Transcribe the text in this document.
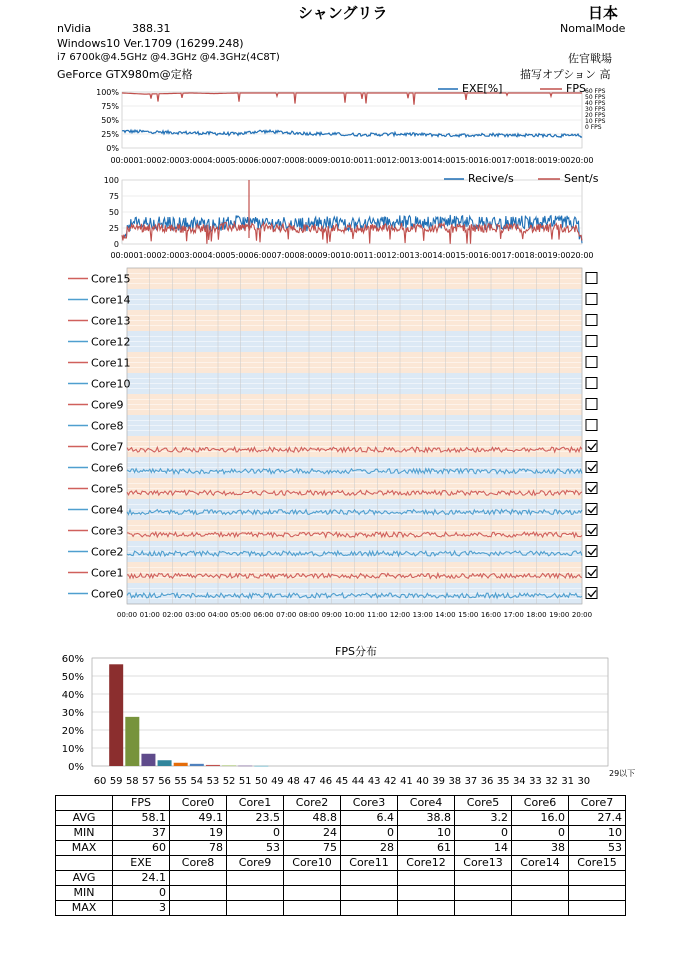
シャングリラ	日本
nVidia	388.31	NomalMode
Windows10 Ver.1709 (16299.248)
i7 6700k@4.5GHz @4.3GHz @4.3GHz(4C8T)	佐官戦場
GeForce GTX980m@定格	描写オプション 高
100%
75%
50%
25%
0%
60 FPS
50 FPS
40 FPS
30 FPS
20 FPS
10 FPS
0 FPS
00:00 01:00 02:00 03:00 04:00 05:00 06:00 07:00 08:00 09:00 10:00 11:00 12:00 13:00 14:00 15:00 16:00 17:00 18:00 19:00 20:00
EXE[%]	FPS
100
75
50
25
0
00:00 01:00 02:00 03:00 04:00 05:00 06:00 07:00 08:00 09:00 10:00 11:00 12:00 13:00 14:00 15:00 16:00 17:00 18:00 19:00 20:00
Recive/s	Sent/s
Core15
Core14
Core13
Core12
Core11
Core10
Core9
Core8
Core7
Core6
Core5
Core4
Core3
Core2
Core1
Core0
00:00 01:00 02:00 03:00 04:00 05:00 06:00 07:00 08:00 09:00 10:00 11:00 12:00 13:00 14:00 15:00 16:00 17:00 18:00 19:00 20:00
FPS分布
60%
50%
40%
30%
20%
10%
0%
60 59 58 57 56 55 54 53 52 51 50 49 48 47 46 45 44 43 42 41 40 39 38 37 36 35 34 33 32 31 30
29以下
	FPS	Core0	Core1	Core2	Core3	Core4	Core5	Core6	Core7
AVG	58.1	49.1	23.5	48.8	6.4	38.8	3.2	16.0	27.4
MIN	37	19	0	24	0	10	0	0	10
MAX	60	78	53	75	28	61	14	38	53
	EXE	Core8	Core9	Core10	Core11	Core12	Core13	Core14	Core15
AVG	24.1								
MIN	0								
MAX	3								
